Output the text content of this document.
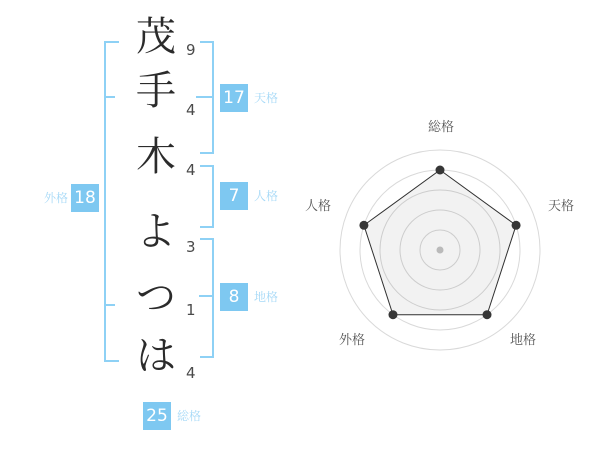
茂
手
木
よ
つ
は
9
4
4
3
1
4
外格 18
17 天格
7	人格
8	地格
25 総格
総格
天格
地格
外格
人格
